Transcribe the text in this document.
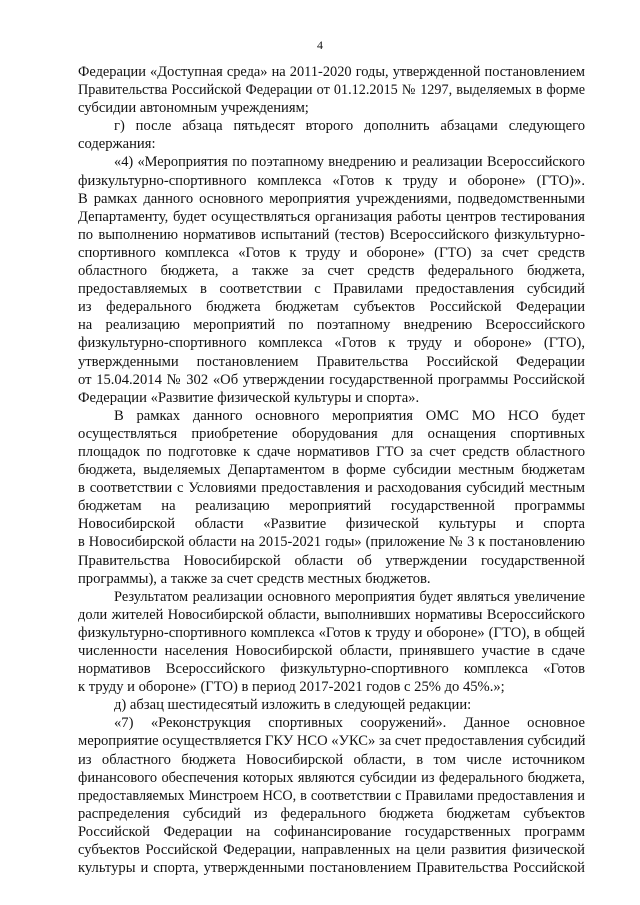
4
Федерации «Доступная среда» на 2011-2020 годы, утвержденной постановлением
Правительства Российской Федерации от 01.12.2015 № 1297, выделяемых в форме
субсидии автономным учреждениям;
г) после абзаца пятьдесят второго дополнить абзацами следующего
содержания:
«4) «Мероприятия по поэтапному внедрению и реализации Всероссийского
физкультурно-спортивного комплекса «Готов к труду и обороне» (ГТО)».
В рамках данного основного мероприятия учреждениями, подведомственными
Департаменту, будет осуществляться организация работы центров тестирования
по выполнению нормативов испытаний (тестов) Всероссийского физкультурно-
спортивного комплекса «Готов к труду и обороне» (ГТО) за счет средств
областного бюджета, а также за счет средств федерального бюджета,
предоставляемых в соответствии с Правилами предоставления субсидий
из федерального бюджета бюджетам субъектов Российской Федерации
на реализацию мероприятий по поэтапному внедрению Всероссийского
физкультурно-спортивного комплекса «Готов к труду и обороне» (ГТО),
утвержденными постановлением Правительства Российской Федерации
от 15.04.2014 № 302 «Об утверждении государственной программы Российской
Федерации «Развитие физической культуры и спорта».
В рамках данного основного мероприятия ОМС МО НСО будет
осуществляться приобретение оборудования для оснащения спортивных
площадок по подготовке к сдаче нормативов ГТО за счет средств областного
бюджета, выделяемых Департаментом в форме субсидии местным бюджетам
в соответствии с Условиями предоставления и расходования субсидий местным
бюджетам на реализацию мероприятий государственной программы
Новосибирской области «Развитие физической культуры и спорта
в Новосибирской области на 2015-2021 годы» (приложение № 3 к постановлению
Правительства Новосибирской области об утверждении государственной
программы), а также за счет средств местных бюджетов.
Результатом реализации основного мероприятия будет являться увеличение
доли жителей Новосибирской области, выполнивших нормативы Всероссийского
физкультурно-спортивного комплекса «Готов к труду и обороне» (ГТО), в общей
численности населения Новосибирской области, принявшего участие в сдаче
нормативов Всероссийского физкультурно-спортивного комплекса «Готов
к труду и обороне» (ГТО) в период 2017-2021 годов с 25% до 45%.»;
д) абзац шестидесятый изложить в следующей редакции:
«7) «Реконструкция спортивных сооружений». Данное основное
мероприятие осуществляется ГКУ НСО «УКС» за счет предоставления субсидий
из областного бюджета Новосибирской области, в том числе источником
финансового обеспечения которых являются субсидии из федерального бюджета,
предоставляемых Минстроем НСО, в соответствии с Правилами предоставления и
распределения субсидий из федерального бюджета бюджетам субъектов
Российской Федерации на софинансирование государственных программ
субъектов Российской Федерации, направленных на цели развития физической
культуры и спорта, утвержденными постановлением Правительства Российской
